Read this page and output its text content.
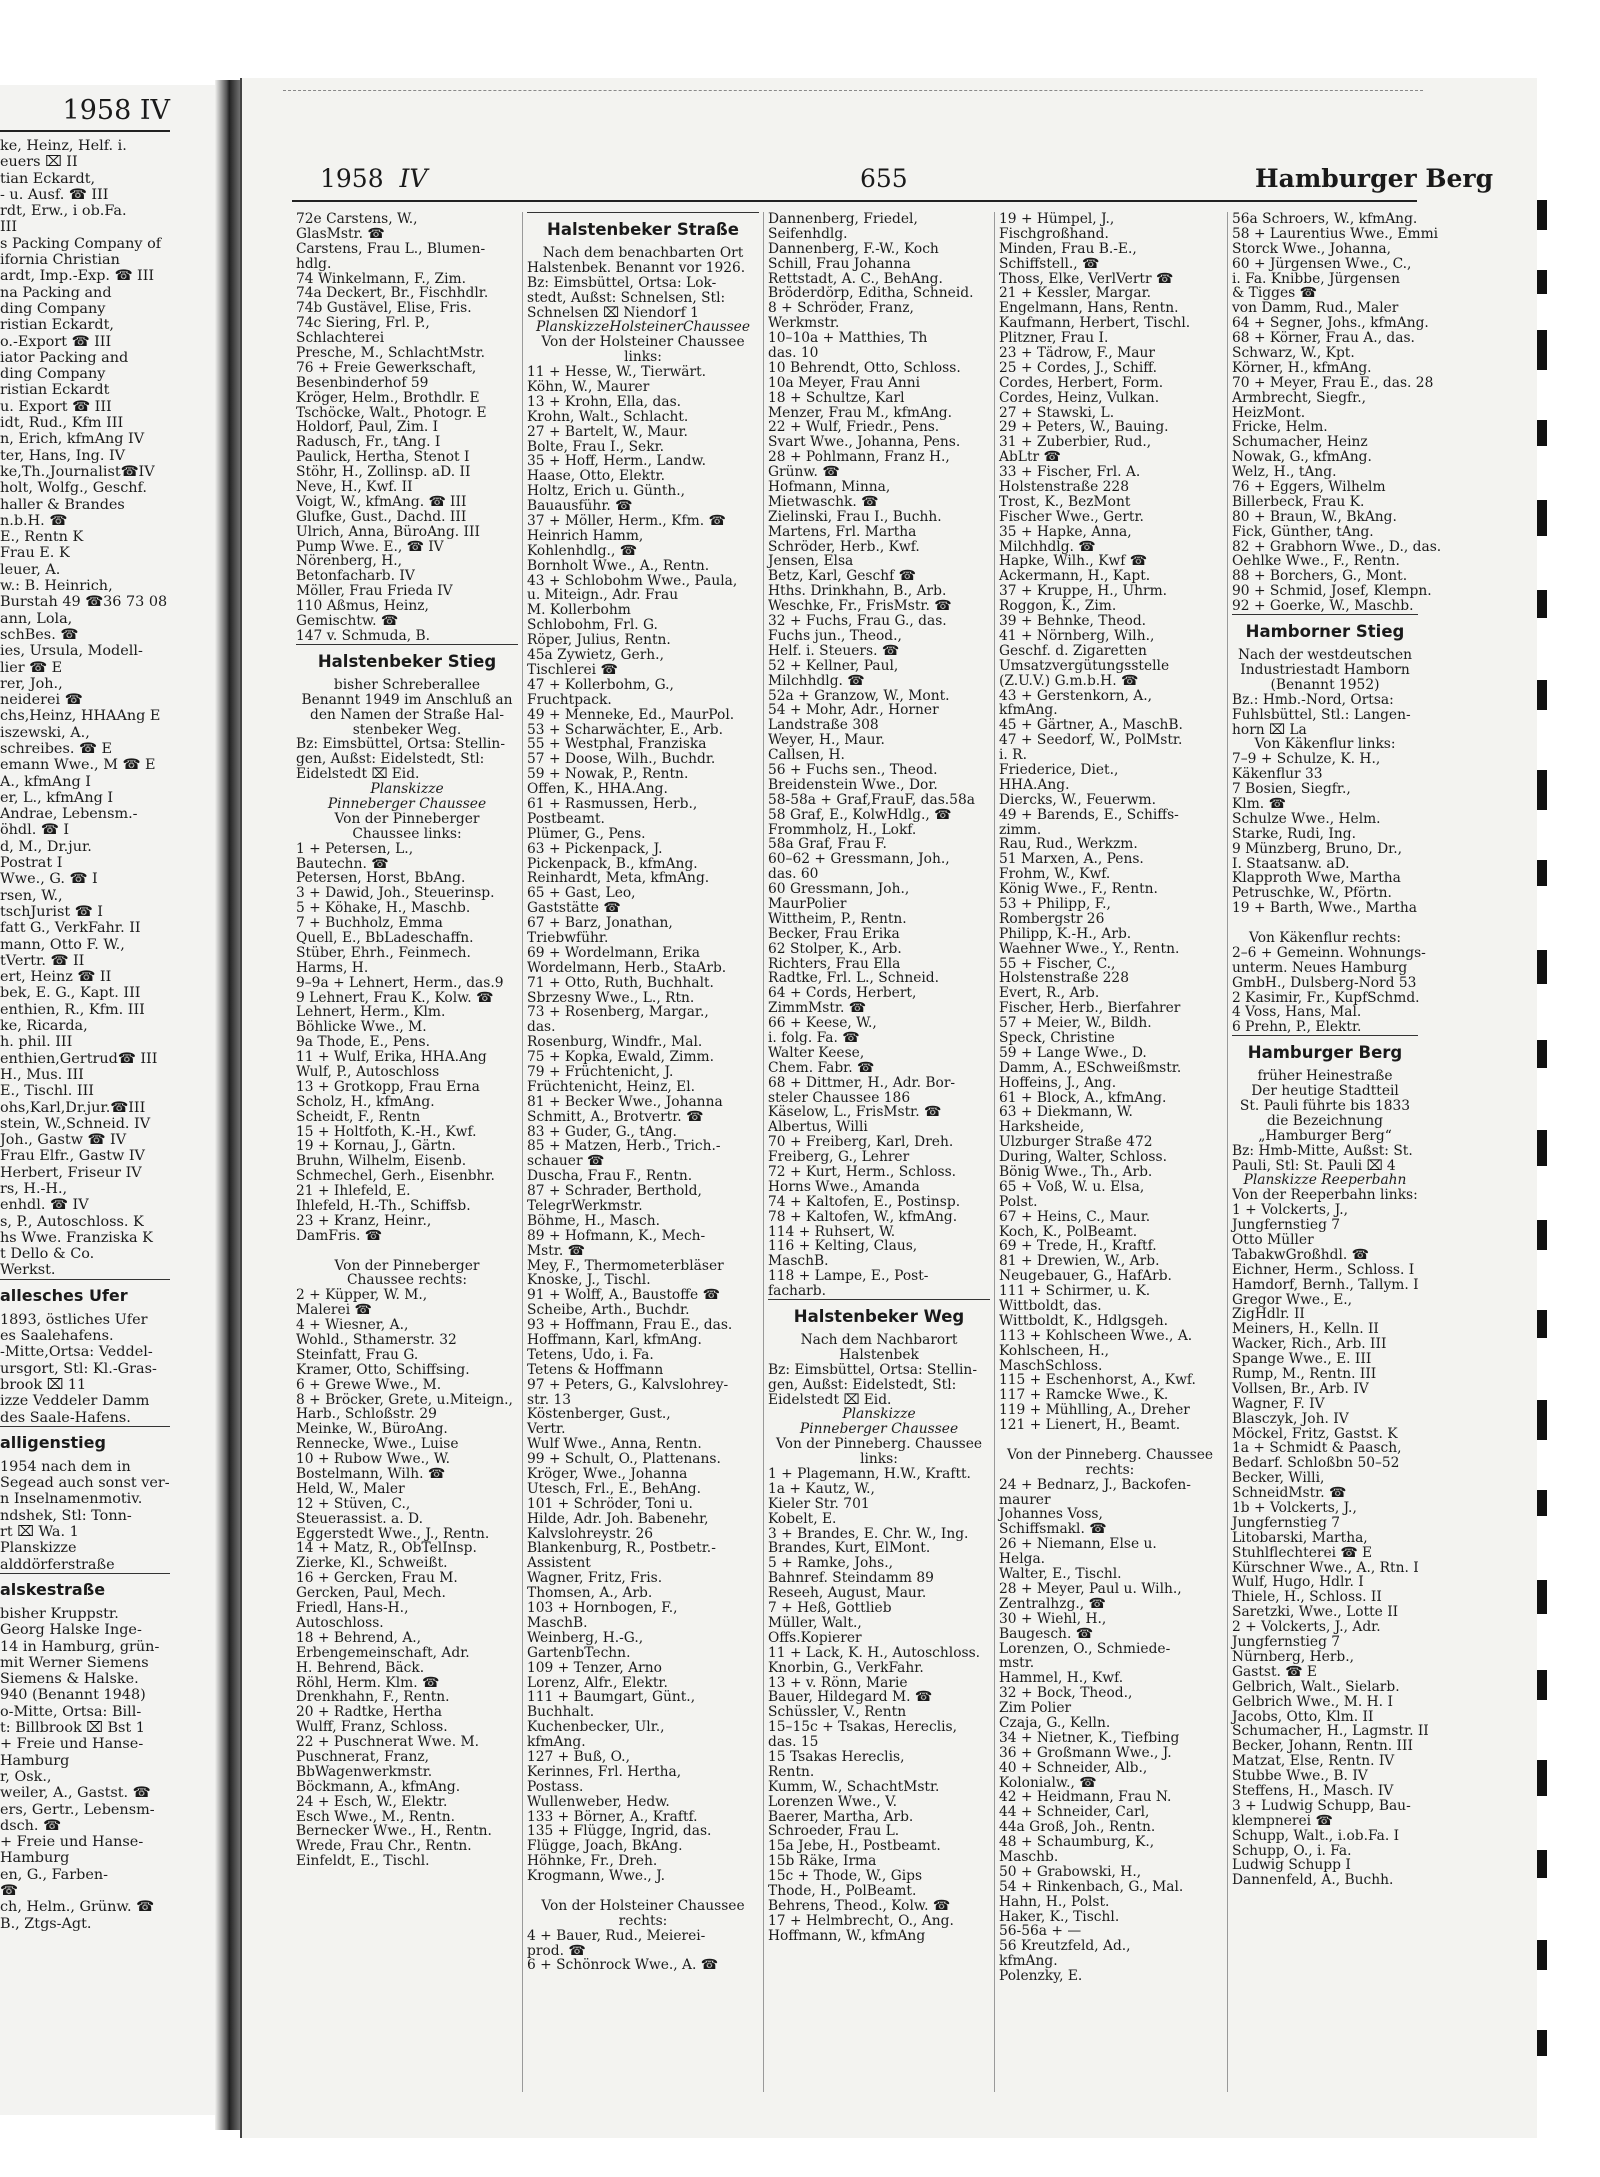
1958 IV
ke, Heinz, Helf. i.
euers ⌧ II
tian Eckardt,
- u. Ausf. ☎ III
rdt, Erw., i ob.Fa.
III
s Packing Company of
ifornia Christian
ardt, Imp.-Exp. ☎ III
na Packing and
ding Company
ristian Eckardt,
o.-Export ☎ III
iator Packing and
ding Company
ristian Eckardt
u. Export ☎ III
idt, Rud., Kfm III
n, Erich, kfmAng IV
ter, Hans, Ing. IV
ke,Th.,Journalist☎IV
holt, Wolfg., Geschf.
haller & Brandes
n.b.H. ☎
E., Rentn K
Frau E. K
leuer, A.
w.: B. Heinrich,
Burstah 49 ☎36 73 08
ann, Lola,
schBes. ☎
ies, Ursula, Modell-
lier ☎ E
rer, Joh.,
neiderei ☎
chs,Heinz, HHAAng E
iszewski, A.,
schreibes. ☎ E
emann Wwe., M ☎ E
A., kfmAng I
er, L., kfmAng I
Andrae, Lebensm.-
öhdl. ☎ I
d, M., Dr.jur.
Postrat I
Wwe., G. ☎ I
rsen, W.,
tschJurist ☎ I
fatt G., VerkFahr. II
mann, Otto F. W.,
tVertr. ☎ II
ert, Heinz ☎ II
bek, E. G., Kapt. III
enthien, R., Kfm. III
ke, Ricarda,
h. phil. III
enthien,Gertrud☎ III
H., Mus. III
E., Tischl. III
ohs,Karl,Dr.jur.☎III
stein, W.,Schneid. IV
Joh., Gastw ☎ IV
Frau Elfr., Gastw IV
Herbert, Friseur IV
rs, H.-H.,
enhdl. ☎ IV
s, P., Autoschloss. K
hs Wwe. Franziska K
t Dello & Co.
Werkst.
allesches Ufer
1893, östliches Ufer
es Saalehafens.
-Mitte,Ortsa: Veddel-
ursgort, Stl: Kl.-Gras-
brook ⌧ 11
izze Veddeler Damm
des Saale-Hafens.
alligenstieg
1954 nach dem in
Segead auch sonst ver-
n Inselnamenmotiv.
ndshek, Stl: Tonn-
rt ⌧ Wa. 1
Planskizze
alddörferstraße
alskestraße
bisher Kruppstr.
Georg Halske Inge-
14 in Hamburg, grün-
mit Werner Siemens
Siemens & Halske.
940 (Benannt 1948)
o-Mitte, Ortsa: Bill-
t: Billbrook ⌧ Bst 1
+ Freie und Hanse-
Hamburg
r, Osk.,
weiler, A., Gastst. ☎
ers, Gertr., Lebensm-
dsch. ☎
+ Freie und Hanse-
Hamburg
en, G., Farben-
☎
ch, Helm., Grünw. ☎
B., Ztgs-Agt.
1958 IV	655	Hamburger Berg
72e Carstens, W.,
GlasMstr. ☎
Carstens, Frau L., Blumen-
hdlg.
74 Winkelmann, F., Zim.
74a Deckert, Br., Fischhdlr.
74b Gustävel, Elise, Fris.
74c Siering, Frl. P.,
Schlachterei
Presche, M., SchlachtMstr.
76 + Freie Gewerkschaft,
Besenbinderhof 59
Kröger, Helm., Brothdlr. E
Tschöcke, Walt., Photogr. E
Holdorf, Paul, Zim. I
Radusch, Fr., tAng. I
Paulick, Hertha, Stenot I
Stöhr, H., Zollinsp. aD. II
Neve, H., Kwf. II
Voigt, W., kfmAng. ☎ III
Glufke, Gust., Dachd. III
Ulrich, Anna, BüroAng. III
Pump Wwe. E., ☎ IV
Nörenberg, H.,
Betonfacharb. IV
Möller, Frau Frieda IV
110 Aßmus, Heinz,
Gemischtw. ☎
147 v. Schmuda, B.
Halstenbeker Stieg
bisher Schreberallee
Benannt 1949 im Anschluß an
den Namen der Straße Hal-
stenbeker Weg.
Bz: Eimsbüttel, Ortsa: Stellin-
gen, Außst: Eidelstedt, Stl:
Eidelstedt ⌧ Eid.
Planskizze
Pinneberger Chaussee
Von der Pinneberger
Chaussee links:
1 + Petersen, L.,
Bautechn. ☎
Petersen, Horst, BbAng.
3 + Dawid, Joh., Steuerinsp.
5 + Köhake, H., Maschb.
7 + Buchholz, Emma
Quell, E., BbLadeschaffn.
Stüber, Ehrh., Feinmech.
Harms, H.
9–9a + Lehnert, Herm., das.9
9 Lehnert, Frau K., Kolw. ☎
Lehnert, Herm., Klm.
Böhlicke Wwe., M.
9a Thode, E., Pens.
11 + Wulf, Erika, HHA.Ang
Wulf, P., Autoschloss
13 + Grotkopp, Frau Erna
Scholz, H., kfmAng.
Scheidt, F., Rentn
15 + Holtfoth, K.-H., Kwf.
19 + Kornau, J., Gärtn.
Bruhn, Wilhelm, Eisenb.
Schmechel, Gerh., Eisenbhr.
21 + Ihlefeld, E.
Ihlefeld, H.-Th., Schiffsb.
23 + Kranz, Heinr.,
DamFris. ☎

Von der Pinneberger
Chaussee rechts:
2 + Küpper, W. M.,
Malerei ☎
4 + Wiesner, A.,
Wohld., Sthamerstr. 32
Steinfatt, Frau G.
Kramer, Otto, Schiffsing.
6 + Grewe Wwe., M.
8 + Bröcker, Grete, u.Miteign.,
Harb., Schloßstr. 29
Meinke, W., BüroAng.
Rennecke, Wwe., Luise
10 + Rubow Wwe., W.
Bostelmann, Wilh. ☎
Held, W., Maler
12 + Stüven, C.,
Steuerassist. a. D.
Eggerstedt Wwe., J., Rentn.
14 + Matz, R., ObTelInsp.
Zierke, Kl., Schweißt.
16 + Gercken, Frau M.
Gercken, Paul, Mech.
Friedl, Hans-H.,
Autoschloss.
18 + Behrend, A.,
Erbengemeinschaft, Adr.
H. Behrend, Bäck.
Röhl, Herm. Klm. ☎
Drenkhahn, F., Rentn.
20 + Radtke, Hertha
Wulff, Franz, Schloss.
22 + Puschnerat Wwe. M.
Puschnerat, Franz,
BbWagenwerkmstr.
Böckmann, A., kfmAng.
24 + Esch, W., Elektr.
Esch Wwe., M., Rentn.
Bernecker Wwe., H., Rentn.
Wrede, Frau Chr., Rentn.
Einfeldt, E., Tischl.
Halstenbeker Straße
Nach dem benachbarten Ort
Halstenbek. Benannt vor 1926.
Bz: Eimsbüttel, Ortsa: Lok-
stedt, Außst: Schnelsen, Stl:
Schnelsen ⌧ Niendorf 1
PlanskizzeHolsteinerChaussee
Von der Holsteiner Chaussee
links:
11 + Hesse, W., Tierwärt.
Köhn, W., Maurer
13 + Krohn, Ella, das.
Krohn, Walt., Schlacht.
27 + Bartelt, W., Maur.
Bolte, Frau I., Sekr.
35 + Hoff, Herm., Landw.
Haase, Otto, Elektr.
Holtz, Erich u. Günth.,
Bauausführ. ☎
37 + Möller, Herm., Kfm. ☎
Heinrich Hamm,
Kohlenhdlg., ☎
Bornholt Wwe., A., Rentn.
43 + Schlobohm Wwe., Paula,
u. Miteign., Adr. Frau
M. Kollerbohm
Schlobohm, Frl. G.
Röper, Julius, Rentn.
45a Zywietz, Gerh.,
Tischlerei ☎
47 + Kollerbohm, G.,
Fruchtpack.
49 + Menneke, Ed., MaurPol.
53 + Scharwächter, E., Arb.
55 + Westphal, Franziska
57 + Doose, Wilh., Buchdr.
59 + Nowak, P., Rentn.
Offen, K., HHA.Ang.
61 + Rasmussen, Herb.,
Postbeamt.
Plümer, G., Pens.
63 + Pickenpack, J.
Pickenpack, B., kfmAng.
Reinhardt, Meta, kfmAng.
65 + Gast, Leo,
Gaststätte ☎
67 + Barz, Jonathan,
Triebwführ.
69 + Wordelmann, Erika
Wordelmann, Herb., StaArb.
71 + Otto, Ruth, Buchhalt.
Sbrzesny Wwe., L., Rtn.
73 + Rosenberg, Margar.,
das.
Rosenburg, Windfr., Mal.
75 + Kopka, Ewald, Zimm.
79 + Früchtenicht, J.
Früchtenicht, Heinz, El.
81 + Becker Wwe., Johanna
Schmitt, A., Brotvertr. ☎
83 + Guder, G., tAng.
85 + Matzen, Herb., Trich.-
schauer ☎
Duscha, Frau F., Rentn.
87 + Schrader, Berthold,
TelegrWerkmstr.
Böhme, H., Masch.
89 + Hofmann, K., Mech-
Mstr. ☎
Mey, F., Thermometerbläser
Knoske, J., Tischl.
91 + Wolff, A., Baustoffe ☎
Scheibe, Arth., Buchdr.
93 + Hoffmann, Frau E., das.
Hoffmann, Karl, kfmAng.
Tetens, Udo, i. Fa.
Tetens & Hoffmann
97 + Peters, G., Kalvslohrey-
str. 13
Köstenberger, Gust.,
Vertr.
Wulf Wwe., Anna, Rentn.
99 + Schult, O., Plattenans.
Kröger, Wwe., Johanna
Utesch, Frl., E., BehAng.
101 + Schröder, Toni u.
Hilde, Adr. Joh. Babenehr,
Kalvslohreystr. 26
Blankenburg, R., Postbetr.-
Assistent
Wagner, Fritz, Fris.
Thomsen, A., Arb.
103 + Hornbogen, F.,
MaschB.
Weinberg, H.-G.,
GartenbTechn.
109 + Tenzer, Arno
Lorenz, Alfr., Elektr.
111 + Baumgart, Günt.,
Buchhalt.
Kuchenbecker, Ulr.,
kfmAng.
127 + Buß, O.,
Kerinnes, Frl. Hertha,
Postass.
Wullenweber, Hedw.
133 + Börner, A., Kraftf.
135 + Flügge, Ingrid, das.
Flügge, Joach, BkAng.
Höhnke, Fr., Dreh.
Krogmann, Wwe., J.

Von der Holsteiner Chaussee
rechts:
4 + Bauer, Rud., Meierei-
prod. ☎
6 + Schönrock Wwe., A. ☎
Dannenberg, Friedel,
Seifenhdlg.
Dannenberg, F.-W., Koch
Schill, Frau Johanna
Rettstadt, A. C., BehAng.
Bröderdörp, Editha, Schneid.
8 + Schröder, Franz,
Werkmstr.
10–10a + Matthies, Th
das. 10
10 Behrendt, Otto, Schloss.
10a Meyer, Frau Anni
18 + Schultze, Karl
Menzer, Frau M., kfmAng.
22 + Wulf, Friedr., Pens.
Svart Wwe., Johanna, Pens.
28 + Pohlmann, Franz H.,
Grünw. ☎
Hofmann, Minna,
Mietwaschk. ☎
Zielinski, Frau I., Buchh.
Martens, Frl. Martha
Schröder, Herb., Kwf.
Jensen, Elsa
Betz, Karl, Geschf ☎
Hths. Drinkhahn, B., Arb.
Weschke, Fr., FrisMstr. ☎
32 + Fuchs, Frau G., das.
Fuchs jun., Theod.,
Helf. i. Steuers. ☎
52 + Kellner, Paul,
Milchhdlg. ☎
52a + Granzow, W., Mont.
54 + Mohr, Adr., Horner
Landstraße 308
Weyer, H., Maur.
Callsen, H.
56 + Fuchs sen., Theod.
Breidenstein Wwe., Dor.
58-58a + Graf,FrauF, das.58a
58 Graf, E., KolwHdlg., ☎
Frommholz, H., Lokf.
58a Graf, Frau F.
60–62 + Gressmann, Joh.,
das. 60
60 Gressmann, Joh.,
MaurPolier
Wittheim, P., Rentn.
Becker, Frau Erika
62 Stolper, K., Arb.
Richters, Frau Ella
Radtke, Frl. L., Schneid.
64 + Cords, Herbert,
ZimmMstr. ☎
66 + Keese, W.,
i. folg. Fa. ☎
Walter Keese,
Chem. Fabr. ☎
68 + Dittmer, H., Adr. Bor-
steler Chaussee 186
Käselow, L., FrisMstr. ☎
Albertus, Willi
70 + Freiberg, Karl, Dreh.
Freiberg, G., Lehrer
72 + Kurt, Herm., Schloss.
Horns Wwe., Amanda
74 + Kaltofen, E., Postinsp.
78 + Kaltofen, W., kfmAng.
114 + Ruhsert, W.
116 + Kelting, Claus,
MaschB.
118 + Lampe, E., Post-
facharb.
Halstenbeker Weg
Nach dem Nachbarort
Halstenbek
Bz: Eimsbüttel, Ortsa: Stellin-
gen, Außst: Eidelstedt, Stl:
Eidelstedt ⌧ Eid.
Planskizze
Pinneberger Chaussee
Von der Pinneberg. Chaussee
links:
1 + Plagemann, H.W., Kraftt.
1a + Kautz, W.,
Kieler Str. 701
Kobelt, E.
3 + Brandes, E. Chr. W., Ing.
Brandes, Kurt, ElMont.
5 + Ramke, Johs.,
Bahnref. Steindamm 89
Reseeh, August, Maur.
7 + Heß, Gottlieb
Müller, Walt.,
Offs.Kopierer
11 + Lack, K. H., Autoschloss.
Knorbin, G., VerkFahr.
13 + v. Rönn, Marie
Bauer, Hildegard M. ☎
Schüssler, V., Rentn
15–15c + Tsakas, Hereclis,
das. 15
15 Tsakas Hereclis,
Rentn.
Kumm, W., SchachtMstr.
Lorenzen Wwe., V.
Baerer, Martha, Arb.
Schroeder, Frau L.
15a Jebe, H., Postbeamt.
15b Räke, Irma
15c + Thode, W., Gips
Thode, H., PolBeamt.
Behrens, Theod., Kolw. ☎
17 + Helmbrecht, O., Ang.
Hoffmann, W., kfmAng
19 + Hümpel, J.,
Fischgroßhand.
Minden, Frau B.-E.,
Schiffstell., ☎
Thoss, Elke, VerlVertr ☎
21 + Kessler, Margar.
Engelmann, Hans, Rentn.
Kaufmann, Herbert, Tischl.
Plitzner, Frau I.
23 + Tädrow, F., Maur
25 + Cordes, J., Schiff.
Cordes, Herbert, Form.
Cordes, Heinz, Vulkan.
27 + Stawski, L.
29 + Peters, W., Bauing.
31 + Zuberbier, Rud.,
AbLtr ☎
33 + Fischer, Frl. A.
Holstenstraße 228
Trost, K., BezMont
Fischer Wwe., Gertr.
35 + Hapke, Anna,
Milchhdlg. ☎
Hapke, Wilh., Kwf ☎
Ackermann, H., Kapt.
37 + Kruppe, H., Uhrm.
Roggon, K., Zim.
39 + Behnke, Theod.
41 + Nörnberg, Wilh.,
Geschf. d. Zigaretten
Umsatzvergütungsstelle
(Z.U.V.) G.m.b.H. ☎
43 + Gerstenkorn, A.,
kfmAng.
45 + Gärtner, A., MaschB.
47 + Seedorf, W., PolMstr.
i. R.
Friederice, Diet.,
HHA.Ang.
Diercks, W., Feuerwm.
49 + Barends, E., Schiffs-
zimm.
Rau, Rud., Werkzm.
51 Marxen, A., Pens.
Frohm, W., Kwf.
König Wwe., F., Rentn.
53 + Philipp, F.,
Rombergstr 26
Philipp, K.-H., Arb.
Waehner Wwe., Y., Rentn.
55 + Fischer, C.,
Holstenstraße 228
Evert, R., Arb.
Fischer, Herb., Bierfahrer
57 + Meier, W., Bildh.
Speck, Christine
59 + Lange Wwe., D.
Damm, A., ESchweißmstr.
Hoffeins, J., Ang.
61 + Block, A., kfmAng.
63 + Diekmann, W.
Harksheide,
Ulzburger Straße 472
During, Walter, Schloss.
Bönig Wwe., Th., Arb.
65 + Voß, W. u. Elsa,
Polst.
67 + Heins, C., Maur.
Koch, K., PolBeamt.
69 + Trede, H., Kraftf.
81 + Drewien, W., Arb.
Neugebauer, G., HafArb.
111 + Schirmer, u. K.
Wittboldt, das.
Wittboldt, K., Hdlgsgeh.
113 + Kohlscheen Wwe., A.
Kohlscheen, H.,
MaschSchloss.
115 + Eschenhorst, A., Kwf.
117 + Ramcke Wwe., K.
119 + Mühlling, A., Dreher
121 + Lienert, H., Beamt.

Von der Pinneberg. Chaussee
rechts:
24 + Bednarz, J., Backofen-
maurer
Johannes Voss,
Schiffsmakl. ☎
26 + Niemann, Else u.
Helga.
Walter, E., Tischl.
28 + Meyer, Paul u. Wilh.,
Zentralhzg., ☎
30 + Wiehl, H.,
Baugesch. ☎
Lorenzen, O., Schmiede-
mstr.
Hammel, H., Kwf.
32 + Bock, Theod.,
Zim Polier
Czaja, G., Kelln.
34 + Nietner, K., Tiefbing
36 + Großmann Wwe., J.
40 + Schneider, Alb.,
Kolonialw., ☎
42 + Heidmann, Frau N.
44 + Schneider, Carl,
44a Groß, Joh., Rentn.
48 + Schaumburg, K.,
Maschb.
50 + Grabowski, H.,
54 + Rinkenbach, G., Mal.
Hahn, H., Polst.
Haker, K., Tischl.
56-56a + —
56 Kreutzfeld, Ad.,
kfmAng.
Polenzky, E.
56a Schroers, W., kfmAng.
58 + Laurentius Wwe., Emmi
Storck Wwe., Johanna,
60 + Jürgensen Wwe., C.,
i. Fa. Knibbe, Jürgensen
& Tigges ☎
von Damm, Rud., Maler
64 + Segner, Johs., kfmAng.
68 + Körner, Frau A., das.
Schwarz, W., Kpt.
Körner, H., kfmAng.
70 + Meyer, Frau E., das. 28
Armbrecht, Siegfr.,
HeizMont.
Fricke, Helm.
Schumacher, Heinz
Nowak, G., kfmAng.
Welz, H., tAng.
76 + Eggers, Wilhelm
Billerbeck, Frau K.
80 + Braun, W., BkAng.
Fick, Günther, tAng.
82 + Grabhorn Wwe., D., das.
Oehlke Wwe., F., Rentn.
88 + Borchers, G., Mont.
90 + Schmid, Josef, Klempn.
92 + Goerke, W., Maschb.
Hamborner Stieg
Nach der westdeutschen
Industriestadt Hamborn
(Benannt 1952)
Bz.: Hmb.-Nord, Ortsa:
Fuhlsbüttel, Stl.: Langen-
horn ⌧ La
Von Käkenflur links:
7–9 + Schulze, K. H.,
Käkenflur 33
7 Bosien, Siegfr.,
Klm. ☎
Schulze Wwe., Helm.
Starke, Rudi, Ing.
9 Münzberg, Bruno, Dr.,
I. Staatsanw. aD.
Klapproth Wwe, Martha
Petruschke, W., Pförtn.
19 + Barth, Wwe., Martha

Von Käkenflur rechts:
2–6 + Gemeinn. Wohnungs-
unterm. Neues Hamburg
GmbH., Dulsberg-Nord 53
2 Kasimir, Fr., KupfSchmd.
4 Voss, Hans, Mal.
6 Prehn, P., Elektr.
Hamburger Berg
früher Heinestraße
Der heutige Stadtteil
St. Pauli führte bis 1833
die Bezeichnung
„Hamburger Berg“
Bz: Hmb-Mitte, Außst: St.
Pauli, Stl: St. Pauli ⌧ 4
Planskizze Reeperbahn
Von der Reeperbahn links:
1 + Volckerts, J.,
Jungfernstieg 7
Otto Müller
TabakwGroßhdl. ☎
Eichner, Herm., Schloss. I
Hamdorf, Bernh., Tallym. I
Gregor Wwe., E.,
ZigHdlr. II
Meiners, H., Kelln. II
Wacker, Rich., Arb. III
Spange Wwe., E. III
Rump, M., Rentn. III
Vollsen, Br., Arb. IV
Wagner, F. IV
Blasczyk, Joh. IV
Möckel, Fritz, Gastst. K
1a + Schmidt & Paasch,
Bedarf. Schloßbn 50–52
Becker, Willi,
SchneidMstr. ☎
1b + Volckerts, J.,
Jungfernstieg 7
Litobarski, Martha,
Stuhlflechterei ☎ E
Kürschner Wwe., A., Rtn. I
Wulf, Hugo, Hdlr. I
Thiele, H., Schloss. II
Saretzki, Wwe., Lotte II
2 + Volckerts, J., Adr.
Jungfernstieg 7
Nürnberg, Herb.,
Gastst. ☎ E
Gelbrich, Walt., Sielarb.
Gelbrich Wwe., M. H. I
Jacobs, Otto, Klm. II
Schumacher, H., Lagmstr. II
Becker, Johann, Rentn. III
Matzat, Else, Rentn. IV
Stubbe Wwe., B. IV
Steffens, H., Masch. IV
3 + Ludwig Schupp, Bau-
klempnerei ☎
Schupp, Walt., i.ob.Fa. I
Schupp, O., i. Fa.
Ludwig Schupp I
Dannenfeld, A., Buchh.
